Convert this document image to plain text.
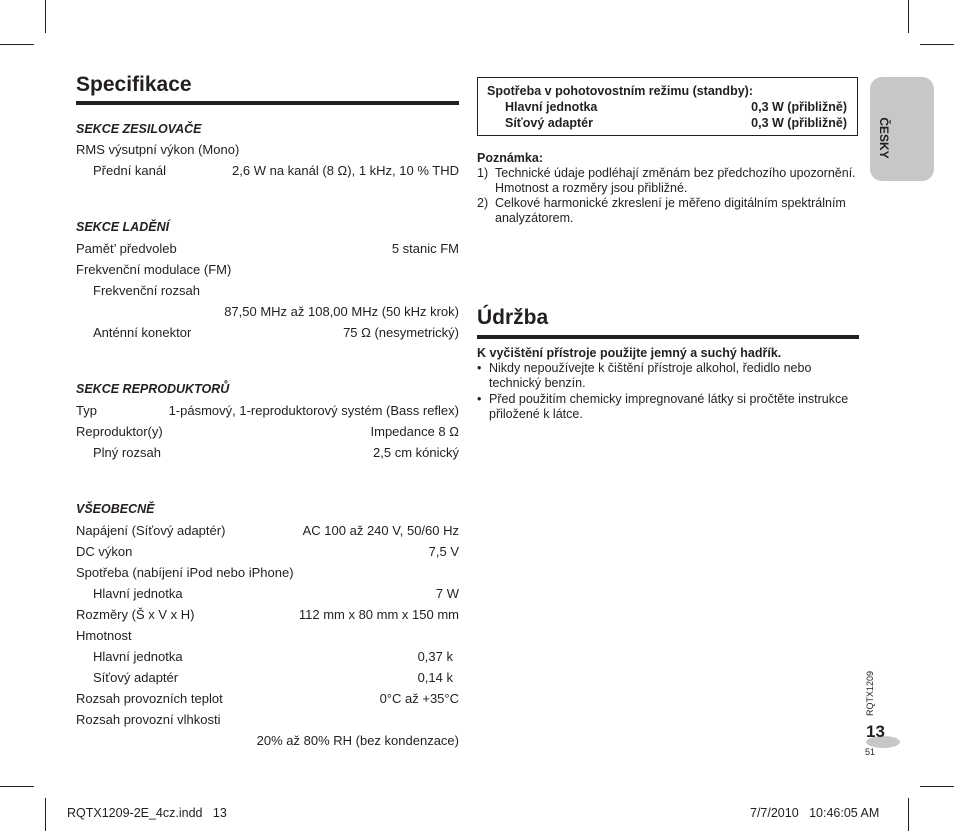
Specifikace
SEKCE ZESILOVAČE
RMS výsutpní výkon (Mono)
Přední kanál	2,6 W na kanál (8 Ω), 1 kHz, 10 % THD
SEKCE LADĚNÍ
Pamět’ předvoleb	5 stanic FM
Frekvenční modulace (FM)
Frekvenční rozsah
87,50 MHz až 108,00 MHz (50 kHz krok)
Anténní konektor	75 Ω (nesymetrický)
SEKCE REPRODUKTORŮ
Typ	1-pásmový, 1-reproduktorový systém (Bass reflex)
Reproduktor(y)	Impedance 8 Ω
Plný rozsah	2,5 cm kónický
VŠEOBECNĚ
Napájení (Síťový adaptér)	AC 100 až 240 V, 50/60 Hz
DC výkon	7,5 V
Spotřeba (nabíjení iPod nebo iPhone)
Hlavní jednotka	7 W
Rozměry (Š x V x H)	112 mm x 80 mm x 150 mm
Hmotnost
Hlavní jednotka	0,37 k
Síťový adaptér	0,14 k
Rozsah provozních teplot	0°C až +35°C
Rozsah provozní vlhkosti
20% až 80% RH (bez kondenzace)
Spotřeba v pohotovostním režimu (standby):
Hlavní jednotka	0,3 W (přibližně)
Síťový adaptér	0,3 W (přibližně)
Poznámka:
1) Technické údaje podléhají změnám bez předchozího upozornění.
Hmotnost a rozměry jsou přibližné.
2) Celkové harmonické zkreslení je měřeno digitálním spektrálním analyzátorem.
Údržba
K vyčištění přístroje použijte jemný a suchý hadřík.
• Nikdy nepoužívejte k čištění přístroje alkohol, ředidlo nebo technický benzín.
• Před použitím chemicky impregnované látky si pročtěte instrukce přiložené k látce.
ČESKY
RQTX1209
13
51
RQTX1209-2E_4cz.indd   13	7/7/2010   10:46:05 AM
